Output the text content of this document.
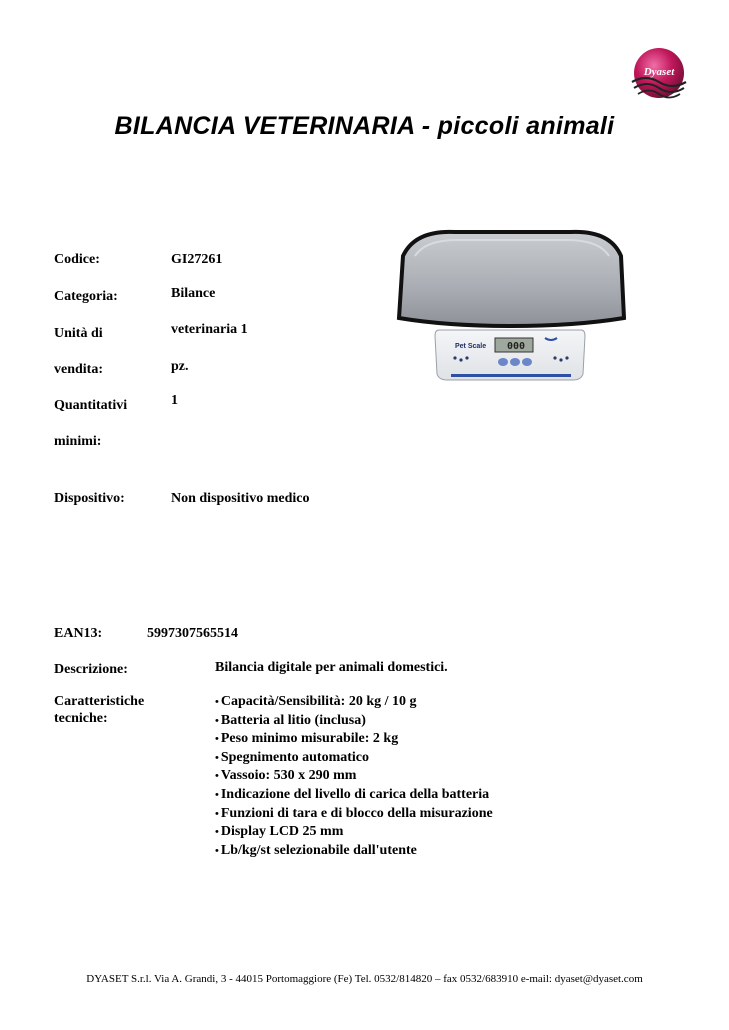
Dyaset
BILANCIA VETERINARIA - piccoli animali
Codice:	GI27261
Categoria:	Bilance
Unità di	veterinaria 1
vendita:	pz.
Quantitativi	1
minimi:
Dispositivo:	Non dispositivo medico
Pet Scale 000
EAN13:	5997307565514
Descrizione:	Bilancia digitale per animali domestici.
Caratteristiche
tecniche:
• Capacità/Sensibilità: 20 kg / 10 g
• Batteria al litio (inclusa)
• Peso minimo misurabile: 2 kg
• Spegnimento automatico
• Vassoio: 530 x 290 mm
• Indicazione del livello di carica della batteria
• Funzioni di tara e di blocco della misurazione
• Display LCD 25 mm
• Lb/kg/st selezionabile dall'utente
DYASET S.r.l. Via A. Grandi, 3 - 44015 Portomaggiore (Fe) Tel. 0532/814820 – fax 0532/683910 e-mail: dyaset@dyaset.com
